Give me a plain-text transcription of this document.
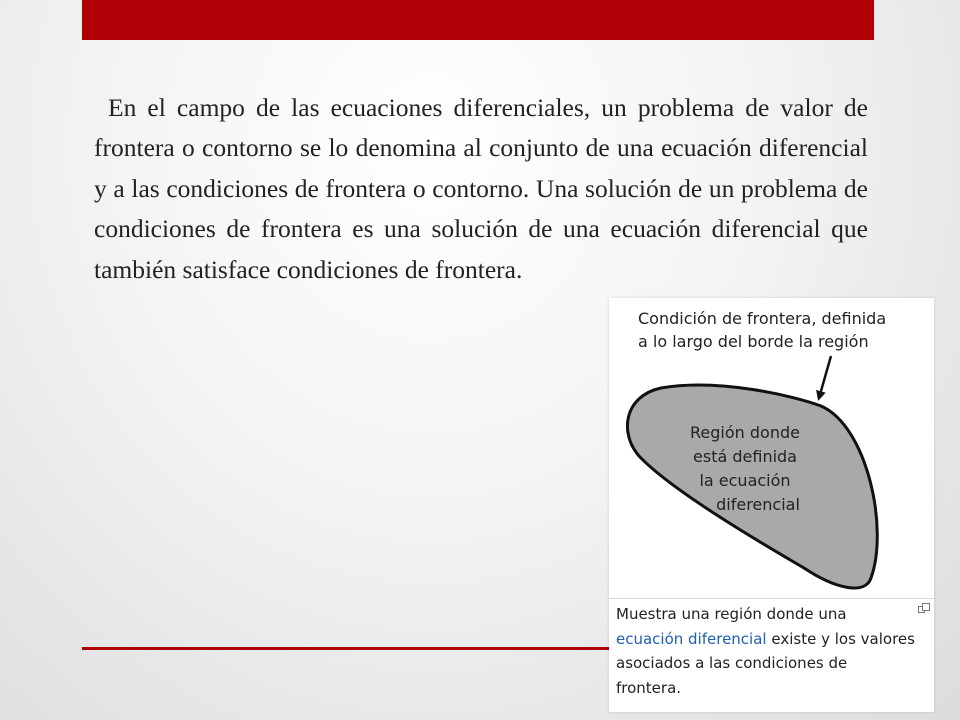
En el campo de las ecuaciones diferenciales, un problema de valor de frontera o contorno se lo denomina al conjunto de una ecuación diferencial y a las condiciones de frontera o contorno. Una solución de un problema de condiciones de frontera es una solución de una ecuación diferencial que también satisface condiciones de frontera.

Condición de frontera, definida
a lo largo del borde la región
Región donde
está definida
la ecuación
diferencial
Muestra una región donde una ecuación diferencial existe y los valores asociados a las condiciones de frontera.
